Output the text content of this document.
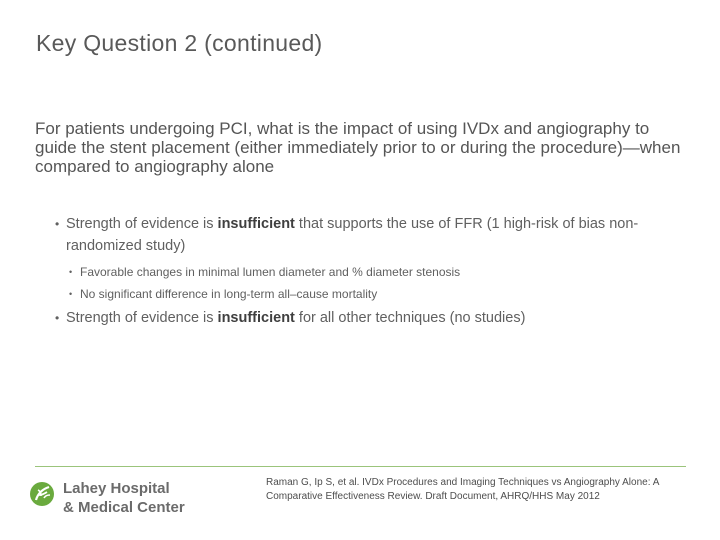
Key Question 2 (continued)
For patients undergoing PCI, what is the impact of using IVDx and angiography to guide the stent placement (either immediately prior to or during the procedure)—when compared to angiography alone
• Strength of evidence is insufficient that supports the use of FFR (1 high-risk of bias non-randomized study)
• Favorable changes in minimal lumen diameter and % diameter stenosis
• No significant difference in long-term all–cause mortality
• Strength of evidence is insufficient for all other techniques (no studies)
Lahey Hospital
& Medical Center
Raman G, Ip S, et al. IVDx Procedures and Imaging Techniques vs Angiography Alone: A Comparative Effectiveness Review. Draft Document, AHRQ/HHS May 2012
